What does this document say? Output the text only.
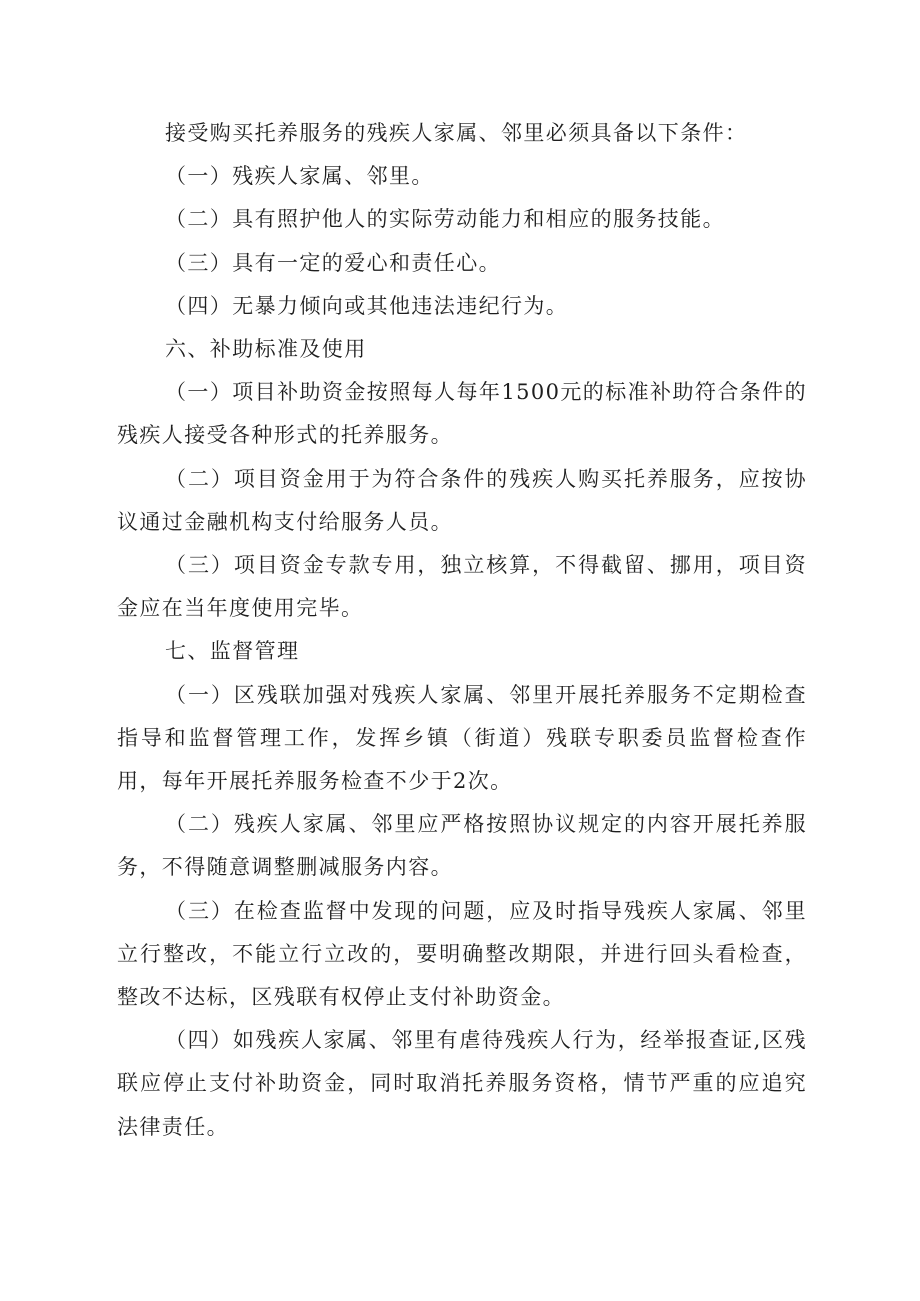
接受购买托养服务的残疾人家属、邻里必须具备以下条件：

（一）残疾人家属、邻里。

（二）具有照护他人的实际劳动能力和相应的服务技能。

（三）具有一定的爱心和责任心。

（四）无暴力倾向或其他违法违纪行为。

六、补助标准及使用

（一）项目补助资金按照每人每年1500元的标准补助符合条件的残疾人接受各种形式的托养服务。

（二）项目资金用于为符合条件的残疾人购买托养服务，应按协议通过金融机构支付给服务人员。

（三）项目资金专款专用，独立核算，不得截留、挪用，项目资金应在当年度使用完毕。

七、监督管理

（一）区残联加强对残疾人家属、邻里开展托养服务不定期检查指导和监督管理工作，发挥乡镇（街道）残联专职委员监督检查作用，每年开展托养服务检查不少于2次。

（二）残疾人家属、邻里应严格按照协议规定的内容开展托养服务，不得随意调整删减服务内容。

（三）在检查监督中发现的问题，应及时指导残疾人家属、邻里立行整改，不能立行立改的，要明确整改期限，并进行回头看检查，整改不达标，区残联有权停止支付补助资金。

（四）如残疾人家属、邻里有虐待残疾人行为，经举报查证,区残联应停止支付补助资金，同时取消托养服务资格，情节严重的应追究法律责任。
